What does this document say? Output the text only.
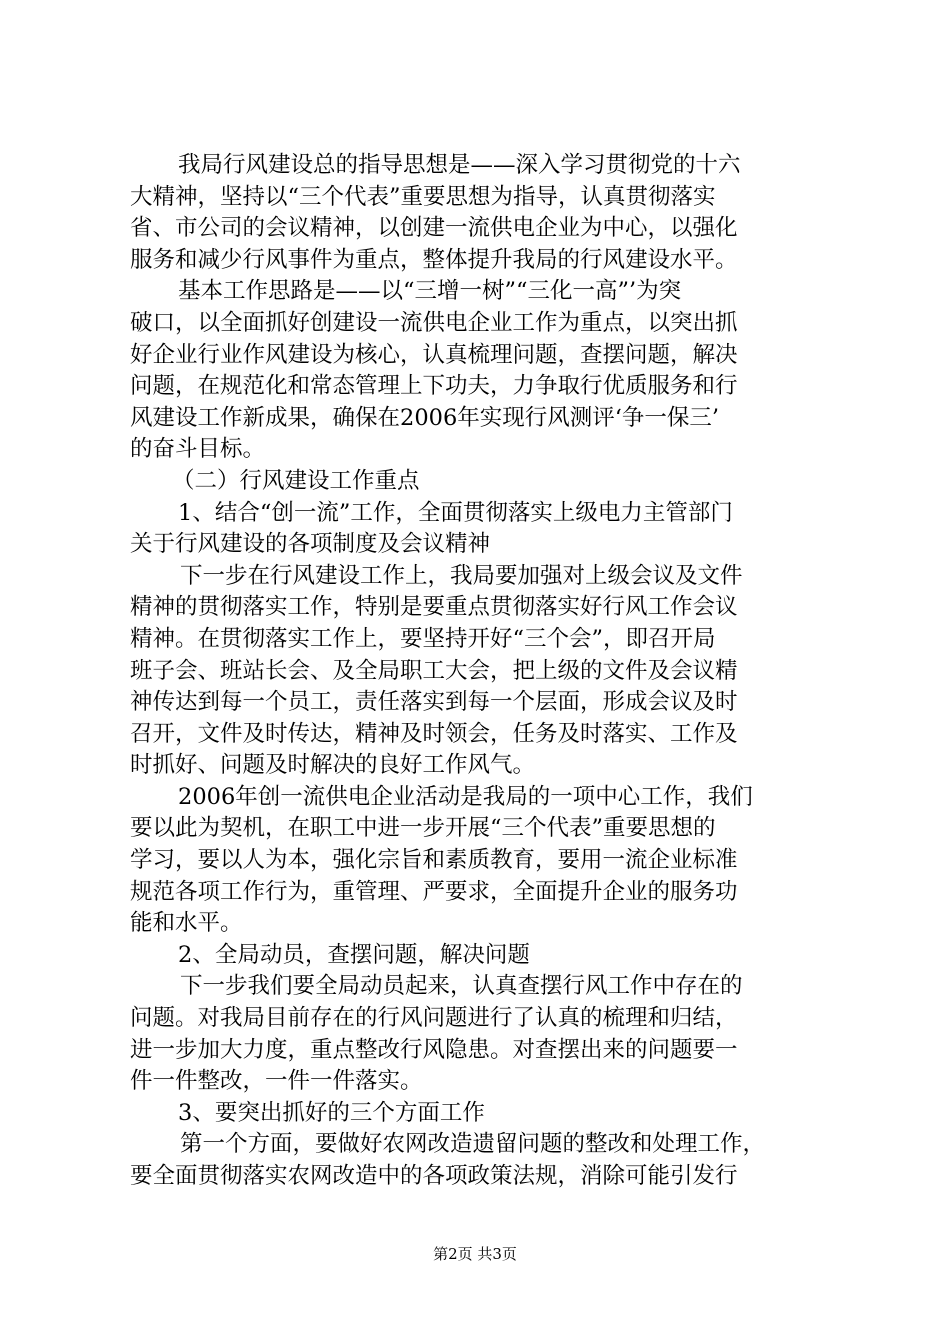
我局行风建设总的指导思想是——深入学习贯彻党的十六
大精神，坚持以“三个代表”重要思想为指导，认真贯彻落实
省、市公司的会议精神，以创建一流供电企业为中心，以强化
服务和减少行风事件为重点，整体提升我局的行风建设水平。
基本工作思路是——以“三增一树”“三化一高”’为突
破口，以全面抓好创建设一流供电企业工作为重点，以突出抓
好企业行业作风建设为核心，认真梳理问题，查摆问题，解决
问题，在规范化和常态管理上下功夫，力争取行优质服务和行
风建设工作新成果，确保在2006年实现行风测评‘争一保三’
的奋斗目标。
（二）行风建设工作重点
1、结合“创一流”工作，全面贯彻落实上级电力主管部门
关于行风建设的各项制度及会议精神
下一步在行风建设工作上，我局要加强对上级会议及文件
精神的贯彻落实工作，特别是要重点贯彻落实好行风工作会议
精神。在贯彻落实工作上，要坚持开好“三个会”，即召开局
班子会、班站长会、及全局职工大会，把上级的文件及会议精
神传达到每一个员工，责任落实到每一个层面，形成会议及时
召开，文件及时传达，精神及时领会，任务及时落实、工作及
时抓好、问题及时解决的良好工作风气。
2006年创一流供电企业活动是我局的一项中心工作，我们
要以此为契机，在职工中进一步开展“三个代表”重要思想的
学习，要以人为本，强化宗旨和素质教育，要用一流企业标准
规范各项工作行为，重管理、严要求，全面提升企业的服务功
能和水平。
2、全局动员，查摆问题，解决问题
下一步我们要全局动员起来，认真查摆行风工作中存在的
问题。对我局目前存在的行风问题进行了认真的梳理和归结，
进一步加大力度，重点整改行风隐患。对查摆出来的问题要一
件一件整改，一件一件落实。
3、要突出抓好的三个方面工作
第一个方面，要做好农网改造遗留问题的整改和处理工作，
要全面贯彻落实农网改造中的各项政策法规，消除可能引发行
第2页 共3页
